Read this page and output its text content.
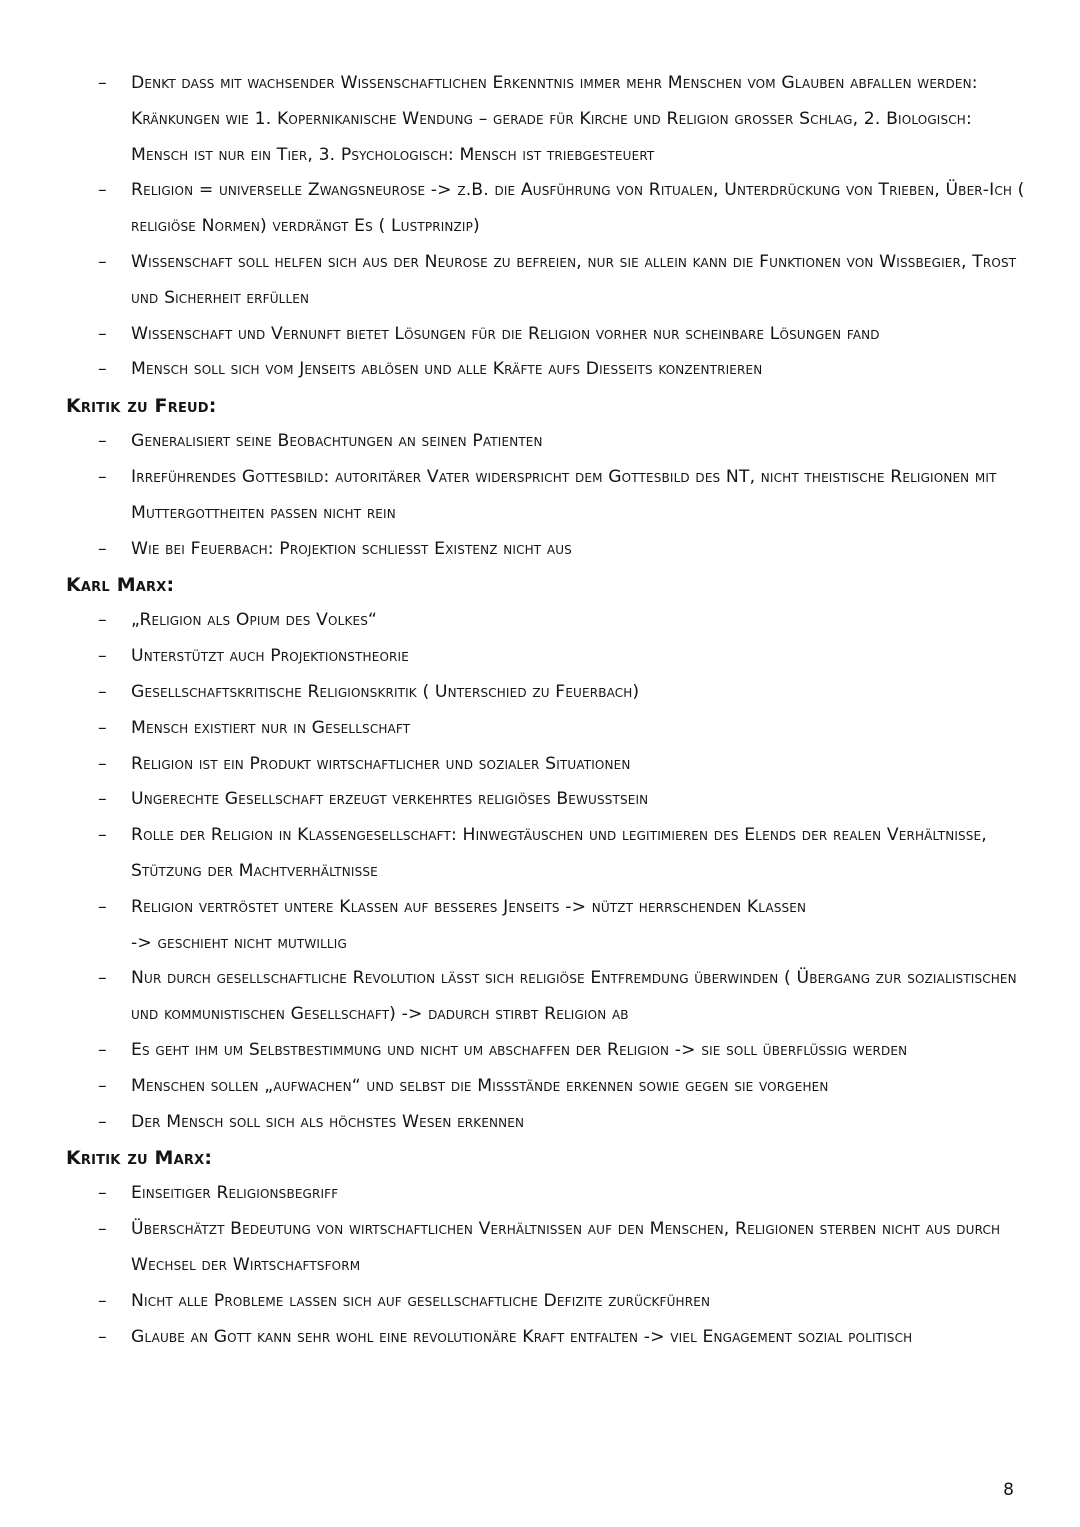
– Denkt dass mit wachsender Wissenschaftlichen Erkenntnis immer mehr Menschen vom Glauben abfallen werden: Kränkungen wie 1. Kopernikanische Wendung – gerade für Kirche und Religion großer Schlag, 2. Biologisch: Mensch ist nur ein Tier, 3. Psychologisch: Mensch ist triebgesteuert
– Religion = universelle Zwangsneurose -> z.B. die Ausführung von Ritualen, Unterdrückung von Trieben, Über-Ich ( religiöse Normen) verdrängt Es ( Lustprinzip)
– Wissenschaft soll helfen sich aus der Neurose zu befreien, nur sie allein kann die Funktionen von Wissbegier, Trost und Sicherheit erfüllen
– Wissenschaft und Vernunft bietet Lösungen für die Religion vorher nur scheinbare Lösungen fand
– Mensch soll sich vom Jenseits ablösen und alle Kräfte aufs Diesseits konzentrieren
Kritik zu Freud:
– Generalisiert seine Beobachtungen an seinen Patienten
– Irreführendes Gottesbild: autoritärer Vater widerspricht dem Gottesbild des NT, nicht theistische Religionen mit Muttergottheiten passen nicht rein
– Wie bei Feuerbach: Projektion schließt Existenz nicht aus
Karl Marx:
– „Religion als Opium des Volkes“
– Unterstützt auch Projektionstheorie
– Gesellschaftskritische Religionskritik ( Unterschied zu Feuerbach)
– Mensch existiert nur in Gesellschaft
– Religion ist ein Produkt wirtschaftlicher und sozialer Situationen
– Ungerechte Gesellschaft erzeugt verkehrtes religiöses Bewusstsein
– Rolle der Religion in Klassengesellschaft: Hinwegtäuschen und legitimieren des Elends der realen Verhältnisse, Stützung der Machtverhältnisse
– Religion vertröstet untere Klassen auf besseres Jenseits -> nützt herrschenden Klassen
-> geschieht nicht mutwillig
– Nur durch gesellschaftliche Revolution lässt sich religiöse Entfremdung überwinden ( Übergang zur sozialistischen und kommunistischen Gesellschaft) -> dadurch stirbt Religion ab
– Es geht ihm um Selbstbestimmung und nicht um abschaffen der Religion -> sie soll überflüssig werden
– Menschen sollen „aufwachen“ und selbst die Missstände erkennen sowie gegen sie vorgehen
– Der Mensch soll sich als höchstes Wesen erkennen
Kritik zu Marx:
– Einseitiger Religionsbegriff
– Überschätzt Bedeutung von wirtschaftlichen Verhältnissen auf den Menschen, Religionen sterben nicht aus durch Wechsel der Wirtschaftsform
– Nicht alle Probleme lassen sich auf gesellschaftliche Defizite zurückführen
– Glaube an Gott kann sehr wohl eine revolutionäre Kraft entfalten -> viel Engagement sozial politisch
8
